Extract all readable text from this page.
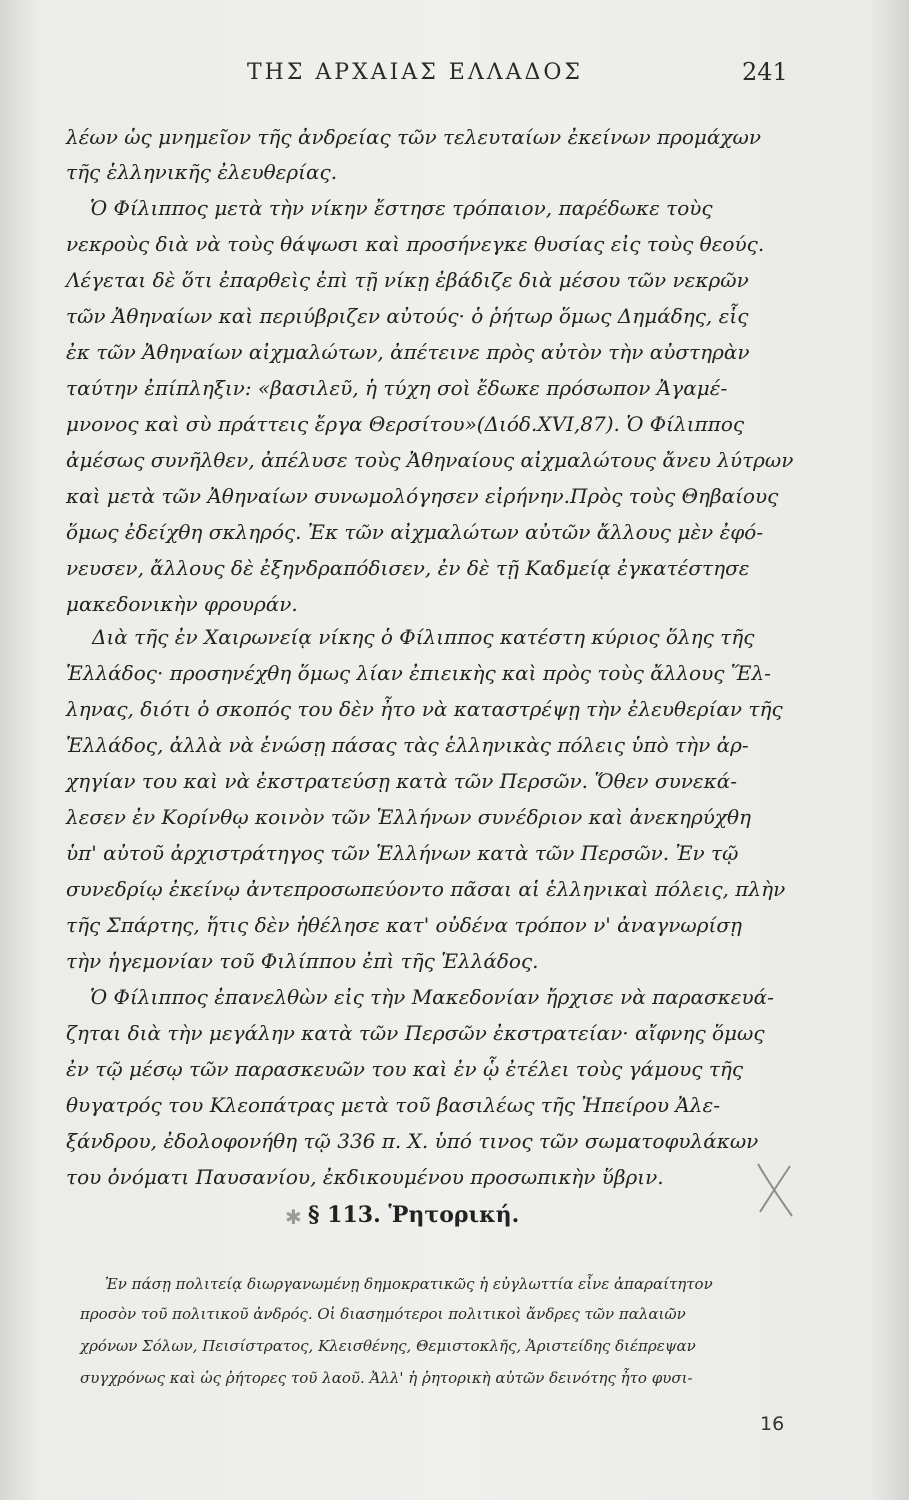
ΤΗΣ ΑΡΧΑΙΑΣ ΕΛΛΑΔΟΣ	241
λέων ὡς μνημεῖον τῆς ἀνδρείας τῶν τελευταίων ἐκείνων προμάχων
τῆς ἑλληνικῆς ἐλευθερίας.
Ὁ Φίλιππος μετὰ τὴν νίκην ἔστησε τρόπαιον, παρέδωκε τοὺς
νεκροὺς διὰ νὰ τοὺς θάψωσι καὶ προσήνεγκε θυσίας εἰς τοὺς θεούς.
Λέγεται δὲ ὅτι ἐπαρθεὶς ἐπὶ τῇ νίκῃ ἐβάδιζε διὰ μέσου τῶν νεκρῶν
τῶν Ἀθηναίων καὶ περιύβριζεν αὐτούς· ὁ ῥήτωρ ὅμως Δημάδης, εἷς
ἐκ τῶν Ἀθηναίων αἰχμαλώτων, ἀπέτεινε πρὸς αὐτὸν τὴν αὐστηρὰν
ταύτην ἐπίπληξιν: «βασιλεῦ, ἡ τύχη σοὶ ἔδωκε πρόσωπον Ἀγαμέ-
μνονος καὶ σὺ πράττεις ἔργα Θερσίτου»(Διόδ.XVI,87). Ὁ Φίλιππος
ἀμέσως συνῆλθεν, ἀπέλυσε τοὺς Ἀθηναίους αἰχμαλώτους ἄνευ λύτρων
καὶ μετὰ τῶν Ἀθηναίων συνωμολόγησεν εἰρήνην.Πρὸς τοὺς Θηβαίους
ὅμως ἐδείχθη σκληρός. Ἐκ τῶν αἰχμαλώτων αὐτῶν ἄλλους μὲν ἐφό-
νευσεν, ἄλλους δὲ ἐξηνδραπόδισεν, ἐν δὲ τῇ Καδμείᾳ ἐγκατέστησε
μακεδονικὴν φρουράν.
Διὰ τῆς ἐν Χαιρωνείᾳ νίκης ὁ Φίλιππος κατέστη κύριος ὅλης τῆς
Ἑλλάδος· προσηνέχθη ὅμως λίαν ἐπιεικὴς καὶ πρὸς τοὺς ἄλλους Ἕλ-
ληνας, διότι ὁ σκοπός του δὲν ἦτο νὰ καταστρέψῃ τὴν ἐλευθερίαν τῆς
Ἑλλάδος, ἀλλὰ νὰ ἑνώσῃ πάσας τὰς ἑλληνικὰς πόλεις ὑπὸ τὴν ἀρ-
χηγίαν του καὶ νὰ ἐκστρατεύσῃ κατὰ τῶν Περσῶν. Ὅθεν συνεκά-
λεσεν ἐν Κορίνθῳ κοινὸν τῶν Ἑλλήνων συνέδριον καὶ ἀνεκηρύχθη
ὑπ' αὐτοῦ ἀρχιστράτηγος τῶν Ἑλλήνων κατὰ τῶν Περσῶν. Ἐν τῷ
συνεδρίῳ ἐκείνῳ ἀντεπροσωπεύοντο πᾶσαι αἱ ἑλληνικαὶ πόλεις, πλὴν
τῆς Σπάρτης, ἥτις δὲν ἠθέλησε κατ' οὐδένα τρόπον ν' ἀναγνωρίσῃ
τὴν ἡγεμονίαν τοῦ Φιλίππου ἐπὶ τῆς Ἑλλάδος.
Ὁ Φίλιππος ἐπανελθὼν εἰς τὴν Μακεδονίαν ἤρχισε νὰ παρασκευά-
ζηται διὰ τὴν μεγάλην κατὰ τῶν Περσῶν ἐκστρατείαν· αἴφνης ὅμως
ἐν τῷ μέσῳ τῶν παρασκευῶν του καὶ ἐν ᾧ ἐτέλει τοὺς γάμους τῆς
θυγατρός του Κλεοπάτρας μετὰ τοῦ βασιλέως τῆς Ἠπείρου Ἀλε-
ξάνδρου, ἐδολοφονήθη τῷ 336 π. Χ. ὑπό τινος τῶν σωματοφυλάκων
του ὀνόματι Παυσανίου, ἐκδικουμένου προσωπικὴν ὕβριν.
✱ § 113. Ῥητορική.
Ἐν πάσῃ πολιτείᾳ διωργανωμένῃ δημοκρατικῶς ἡ εὐγλωττία εἶνε ἀπαραίτητον
προσὸν τοῦ πολιτικοῦ ἀνδρός. Οἱ διασημότεροι πολιτικοὶ ἄνδρες τῶν παλαιῶν
χρόνων Σόλων, Πεισίστρατος, Κλεισθένης, Θεμιστοκλῆς, Ἀριστείδης διέπρεψαν
συγχρόνως καὶ ὡς ῥήτορες τοῦ λαοῦ. Ἀλλ' ἡ ῥητορικὴ αὐτῶν δεινότης ἦτο φυσι-
16
